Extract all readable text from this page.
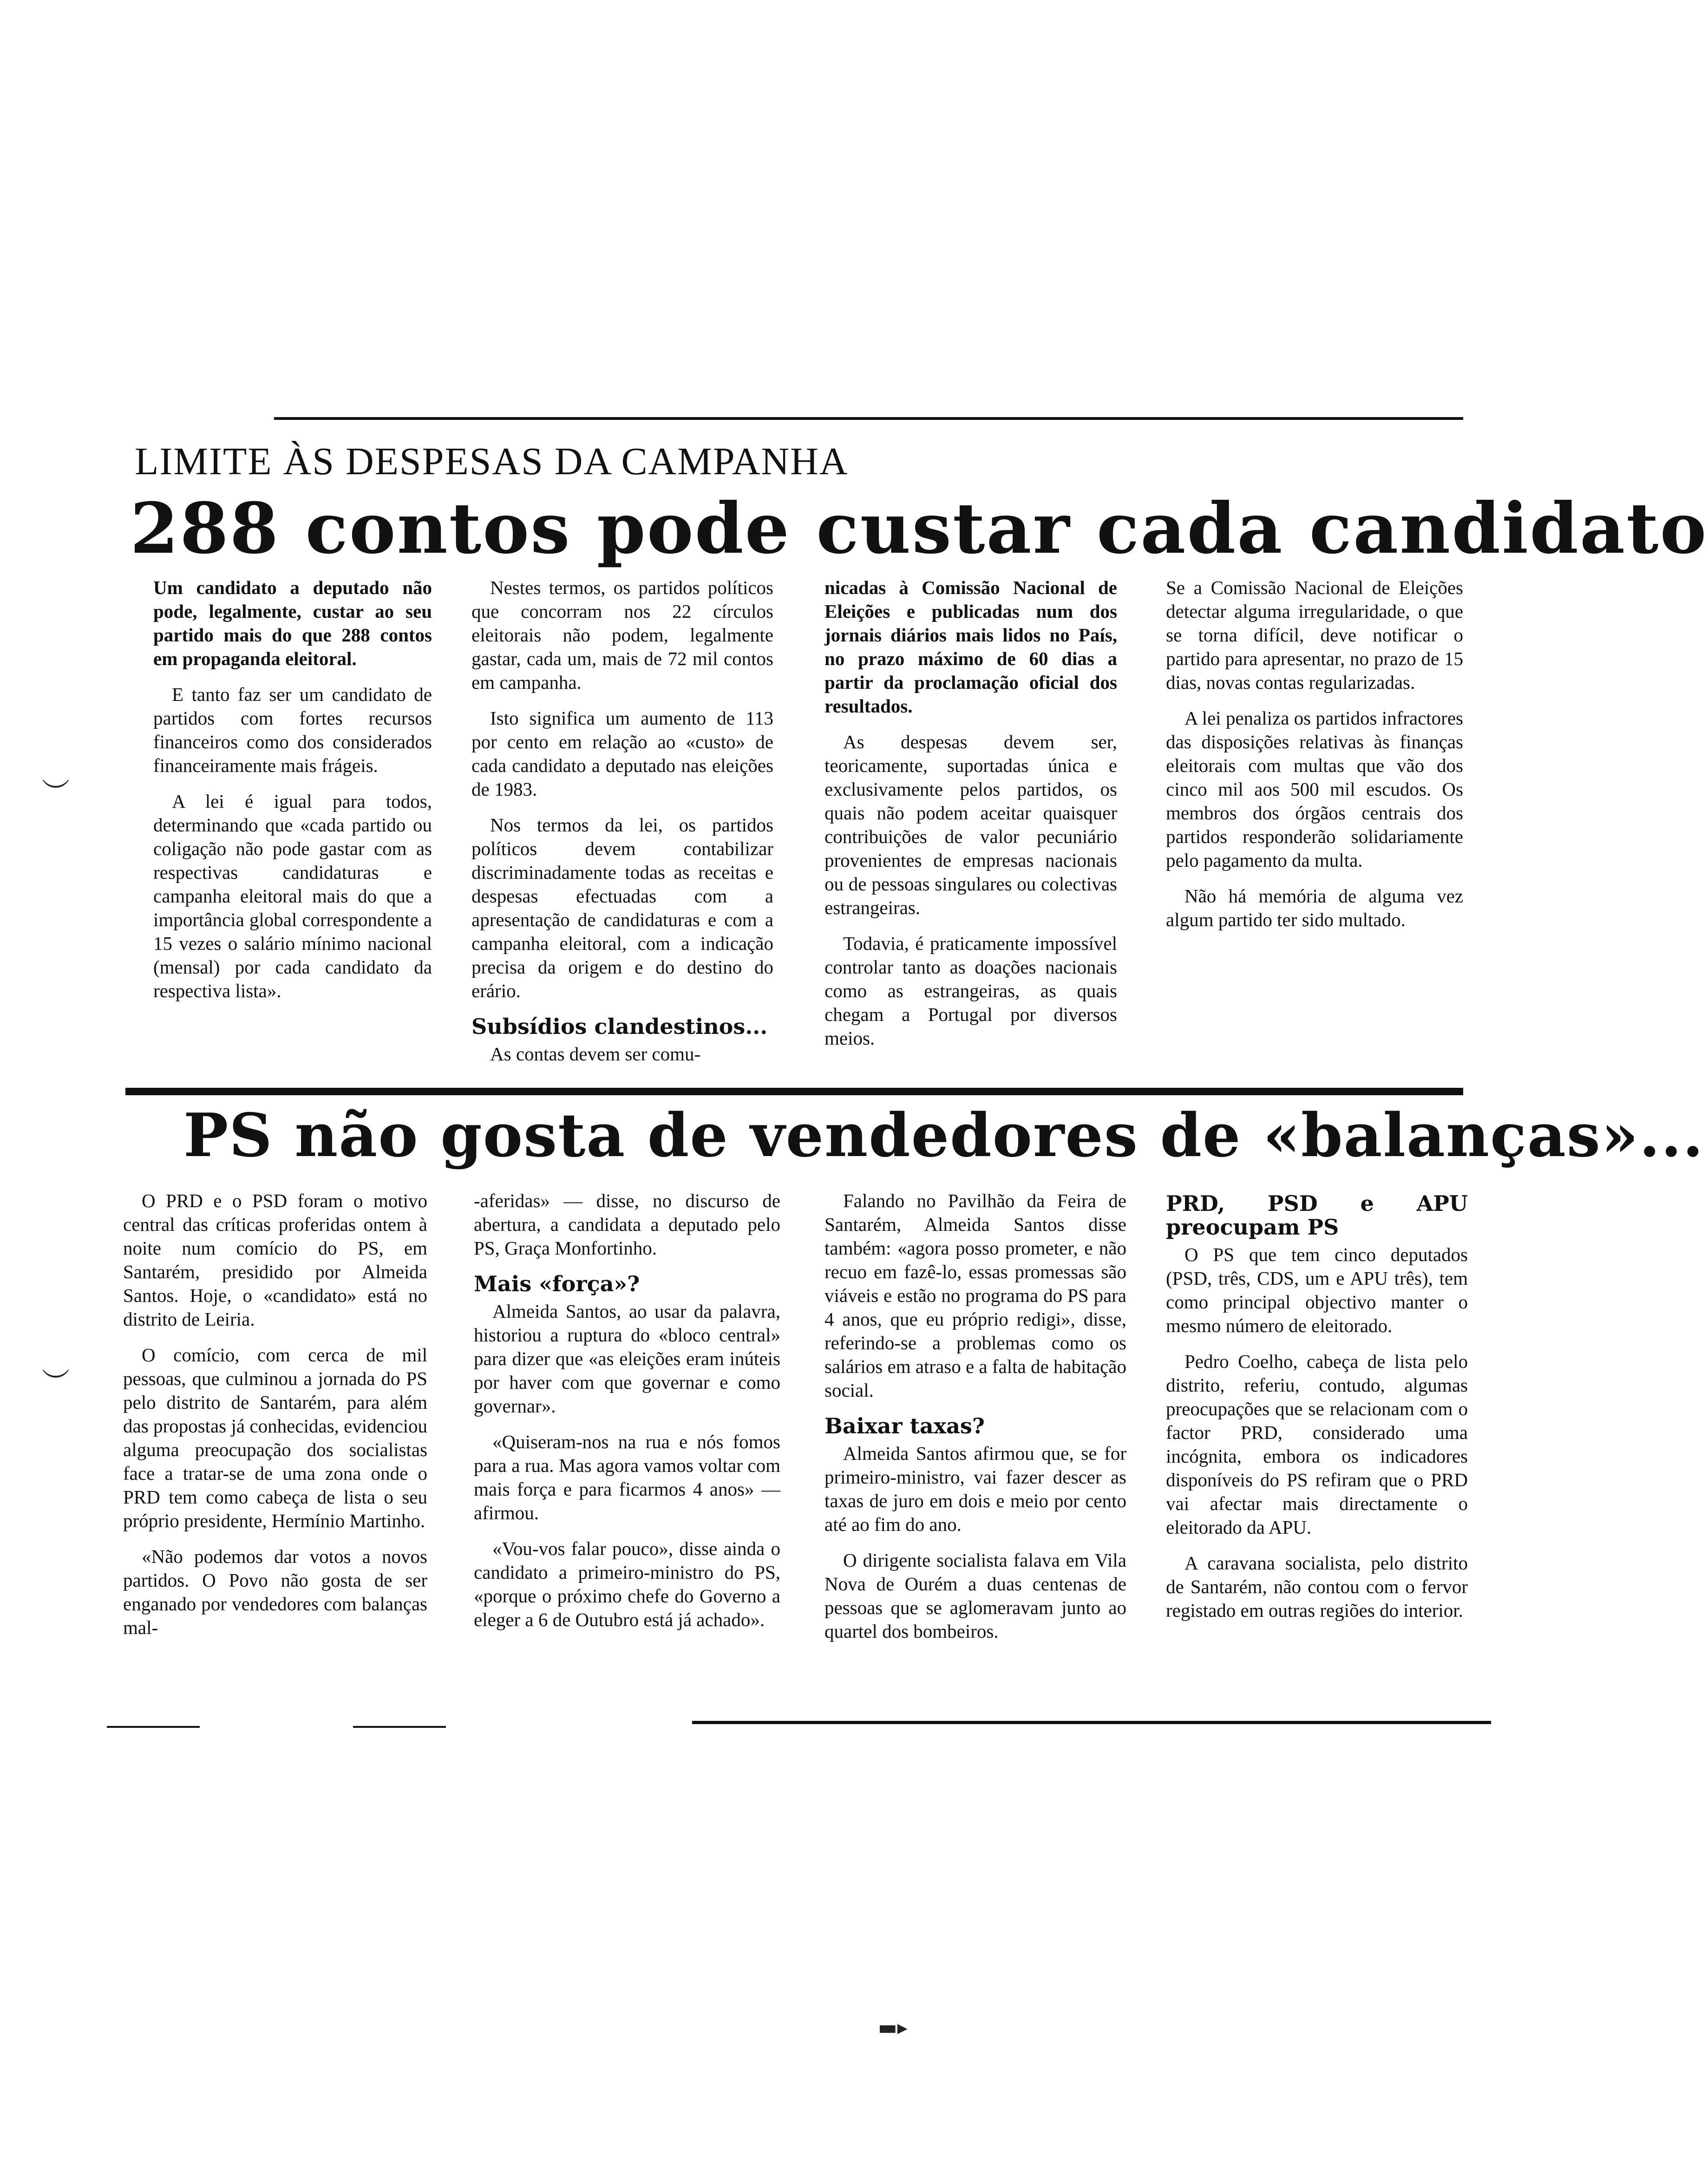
︶
︶
▬▸
LIMITE ÀS DESPESAS DA CAMPANHA
288 contos pode custar cada candidato

Um candidato a deputado não pode, legalmente, custar ao seu partido mais do que 288 contos em propaganda eleitoral.

E tanto faz ser um candidato de partidos com fortes recursos financeiros como dos considerados financeiramente mais frágeis.

A lei é igual para todos, determinando que «cada partido ou coligação não pode gastar com as respectivas candidaturas e campanha eleitoral mais do que a importância global correspondente a 15 vezes o salário mínimo nacional (mensal) por cada candidato da respectiva lista».

Nestes termos, os partidos políticos que concorram nos 22 círculos eleitorais não podem, legalmente gastar, cada um, mais de 72 mil contos em campanha.

Isto significa um aumento de 113 por cento em relação ao «custo» de cada candidato a deputado nas eleições de 1983.

Nos termos da lei, os partidos políticos devem contabilizar discriminadamente todas as receitas e despesas efectuadas com a apresentação de candidaturas e com a campanha eleitoral, com a indicação precisa da origem e do destino do erário.

Subsídios clandestinos...

As contas devem ser comu-

nicadas à Comissão Nacional de Eleições e publicadas num dos jornais diários mais lidos no País, no prazo máximo de 60 dias a partir da proclamação oficial dos resultados.

As despesas devem ser, teoricamente, suportadas única e exclusivamente pelos partidos, os quais não podem aceitar quaisquer contribuições de valor pecuniário provenientes de empresas nacionais ou de pessoas singulares ou colectivas estrangeiras.

Todavia, é praticamente impossível controlar tanto as doações nacionais como as estrangeiras, as quais chegam a Portugal por diversos meios.

Se a Comissão Nacional de Eleições detectar alguma irregularidade, o que se torna difícil, deve notificar o partido para apresentar, no prazo de 15 dias, novas contas regularizadas.

A lei penaliza os partidos infractores das disposições relativas às finanças eleitorais com multas que vão dos cinco mil aos 500 mil escudos. Os membros dos órgãos centrais dos partidos responderão solidariamente pelo pagamento da multa.

Não há memória de alguma vez algum partido ter sido multado.

PS não gosta de vendedores de «balanças»...

O PRD e o PSD foram o motivo central das críticas proferidas ontem à noite num comício do PS, em Santarém, presidido por Almeida Santos. Hoje, o «candidato» está no distrito de Leiria.

O comício, com cerca de mil pessoas, que culminou a jornada do PS pelo distrito de Santarém, para além das propostas já conhecidas, evidenciou alguma preocupação dos socialistas face a tratar-se de uma zona onde o PRD tem como cabeça de lista o seu próprio presidente, Hermínio Martinho.

«Não podemos dar votos a novos partidos. O Povo não gosta de ser enganado por vendedores com balanças mal-

-aferidas» — disse, no discurso de abertura, a candidata a deputado pelo PS, Graça Monfortinho.

Mais «força»?

Almeida Santos, ao usar da palavra, historiou a ruptura do «bloco central» para dizer que «as eleições eram inúteis por haver com que governar e como governar».

«Quiseram-nos na rua e nós fomos para a rua. Mas agora vamos voltar com mais força e para ficarmos 4 anos» — afirmou.

«Vou-vos falar pouco», disse ainda o candidato a primeiro-ministro do PS, «porque o próximo chefe do Governo a eleger a 6 de Outubro está já achado».

Falando no Pavilhão da Feira de Santarém, Almeida Santos disse também: «agora posso prometer, e não recuo em fazê-lo, essas promessas são viáveis e estão no programa do PS para 4 anos, que eu próprio redigi», disse, referindo-se a problemas como os salários em atraso e a falta de habitação social.

Baixar taxas?

Almeida Santos afirmou que, se for primeiro-ministro, vai fazer descer as taxas de juro em dois e meio por cento até ao fim do ano.

O dirigente socialista falava em Vila Nova de Ourém a duas centenas de pessoas que se aglomeravam junto ao quartel dos bombeiros.

PRD, PSD e APU preocupam PS

O PS que tem cinco deputados (PSD, três, CDS, um e APU três), tem como principal objectivo manter o mesmo número de eleitorado.

Pedro Coelho, cabeça de lista pelo distrito, referiu, contudo, algumas preocupações que se relacionam com o factor PRD, considerado uma incógnita, embora os indicadores disponíveis do PS refiram que o PRD vai afectar mais directamente o eleitorado da APU.

A caravana socialista, pelo distrito de Santarém, não contou com o fervor registado em outras regiões do interior.
